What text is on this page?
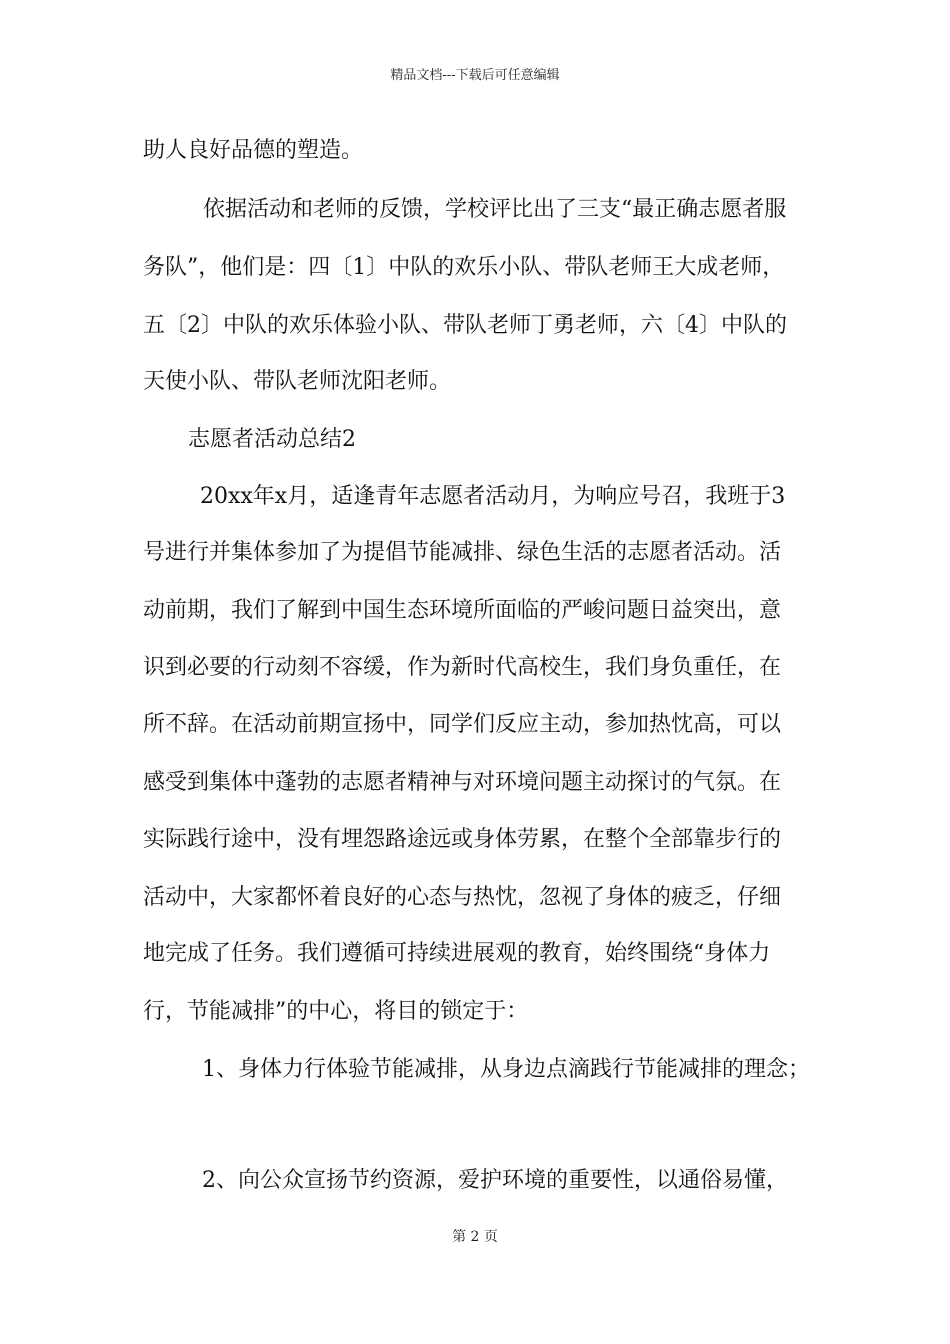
精品文档---下载后可任意编辑
助人良好品德的塑造。
依据活动和老师的反馈，学校评比出了三支“最正确志愿者服
务队”，他们是：四〔1〕中队的欢乐小队、带队老师王大成老师，
五〔2〕中队的欢乐体验小队、带队老师丁勇老师，六〔4〕中队的
天使小队、带队老师沈阳老师。
志愿者活动总结2
20xx年x月，适逢青年志愿者活动月，为响应号召，我班于3
号进行并集体参加了为提倡节能减排、绿色生活的志愿者活动。活
动前期，我们了解到中国生态环境所面临的严峻问题日益突出，意
识到必要的行动刻不容缓，作为新时代高校生，我们身负重任，在
所不辞。在活动前期宣扬中，同学们反应主动，参加热忱高，可以
感受到集体中蓬勃的志愿者精神与对环境问题主动探讨的气氛。在
实际践行途中，没有埋怨路途远或身体劳累，在整个全部靠步行的
活动中，大家都怀着良好的心态与热忱，忽视了身体的疲乏，仔细
地完成了任务。我们遵循可持续进展观的教育，始终围绕“身体力
行，节能减排”的中心，将目的锁定于：
1、身体力行体验节能减排，从身边点滴践行节能减排的理念；
2、向公众宣扬节约资源，爱护环境的重要性，以通俗易懂，
第 2 页
